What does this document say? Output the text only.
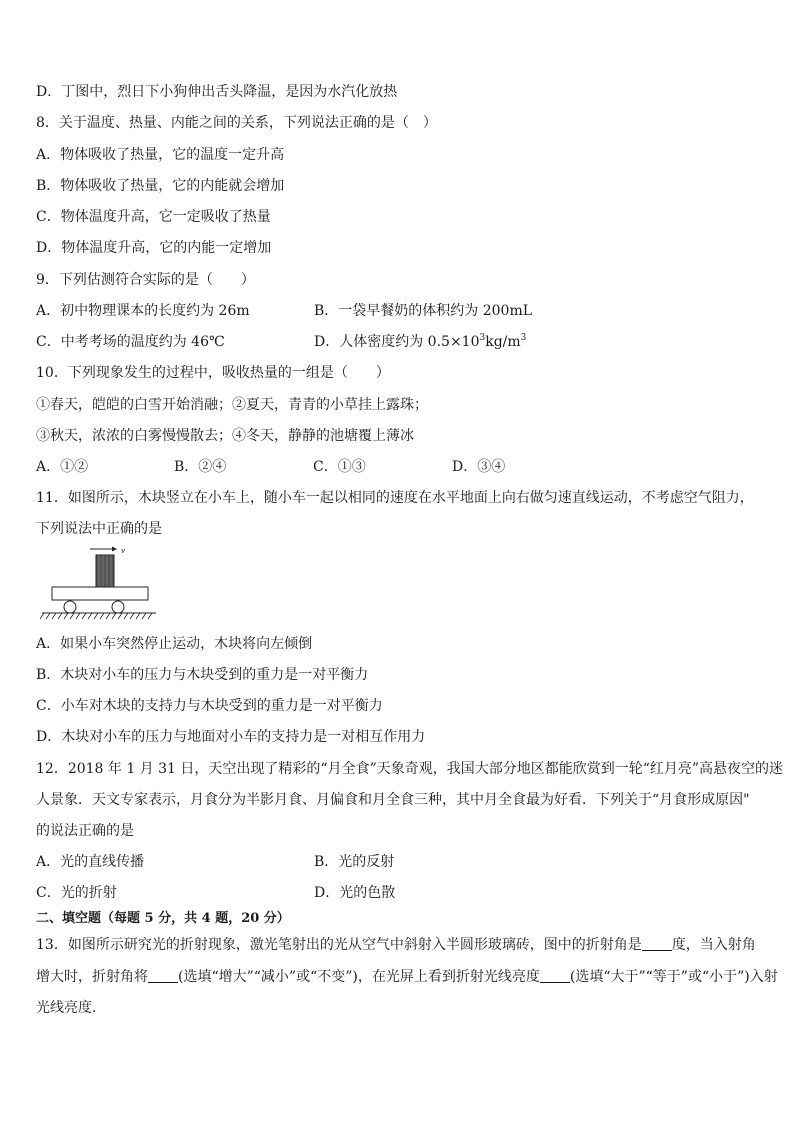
D．丁图中，烈日下小狗伸出舌头降温，是因为水汽化放热
8．关于温度、热量、内能之间的关系，下列说法正确的是（　）
A．物体吸收了热量，它的温度一定升高
B．物体吸收了热量，它的内能就会增加
C．物体温度升高，它一定吸收了热量
D．物体温度升高，它的内能一定增加
9．下列估测符合实际的是（　　）
A．初中物理课本的长度约为 26m	B．一袋早餐奶的体积约为 200mL
C．中考考场的温度约为 46℃	D．人体密度约为 $0.5\times 10^3kg/m^3$
10．下列现象发生的过程中，吸收热量的一组是（　　）
①春天，皑皑的白雪开始消融；②夏天，青青的小草挂上露珠；
③秋天，浓浓的白雾慢慢散去；④冬天，静静的池塘覆上薄冰
A．①②	B．②④	C．①③	D．③④
11．如图所示，木块竖立在小车上，随小车一起以相同的速度在水平地面上向右做匀速直线运动，不考虑空气阻力，
下列说法中正确的是
v
A．如果小车突然停止运动，木块将向左倾倒
B．木块对小车的压力与木块受到的重力是一对平衡力
C．小车对木块的支持力与木块受到的重力是一对平衡力
D．木块对小车的压力与地面对小车的支持力是一对相互作用力
12．2018 年 1 月 31 日，天空出现了精彩的“月全食”天象奇观，我国大部分地区都能欣赏到一轮“红月亮”高悬夜空的迷
人景象．天文专家表示，月食分为半影月食、月偏食和月全食三种，其中月全食最为好看．下列关于“月食形成原因"
的说法正确的是
A．光的直线传播	B．光的反射
C．光的折射	D．光的色散
二、填空题（每题 5 分，共 4 题，20 分）
13．如图所示研究光的折射现象，激光笔射出的光从空气中斜射入半圆形玻璃砖，图中的折射角是 度，当入射角
增大时，折射角将 (选填“增大”“减小”或“不变”)，在光屏上看到折射光线亮度 (选填“大于”“等于”或“小于”)入射
光线亮度．
